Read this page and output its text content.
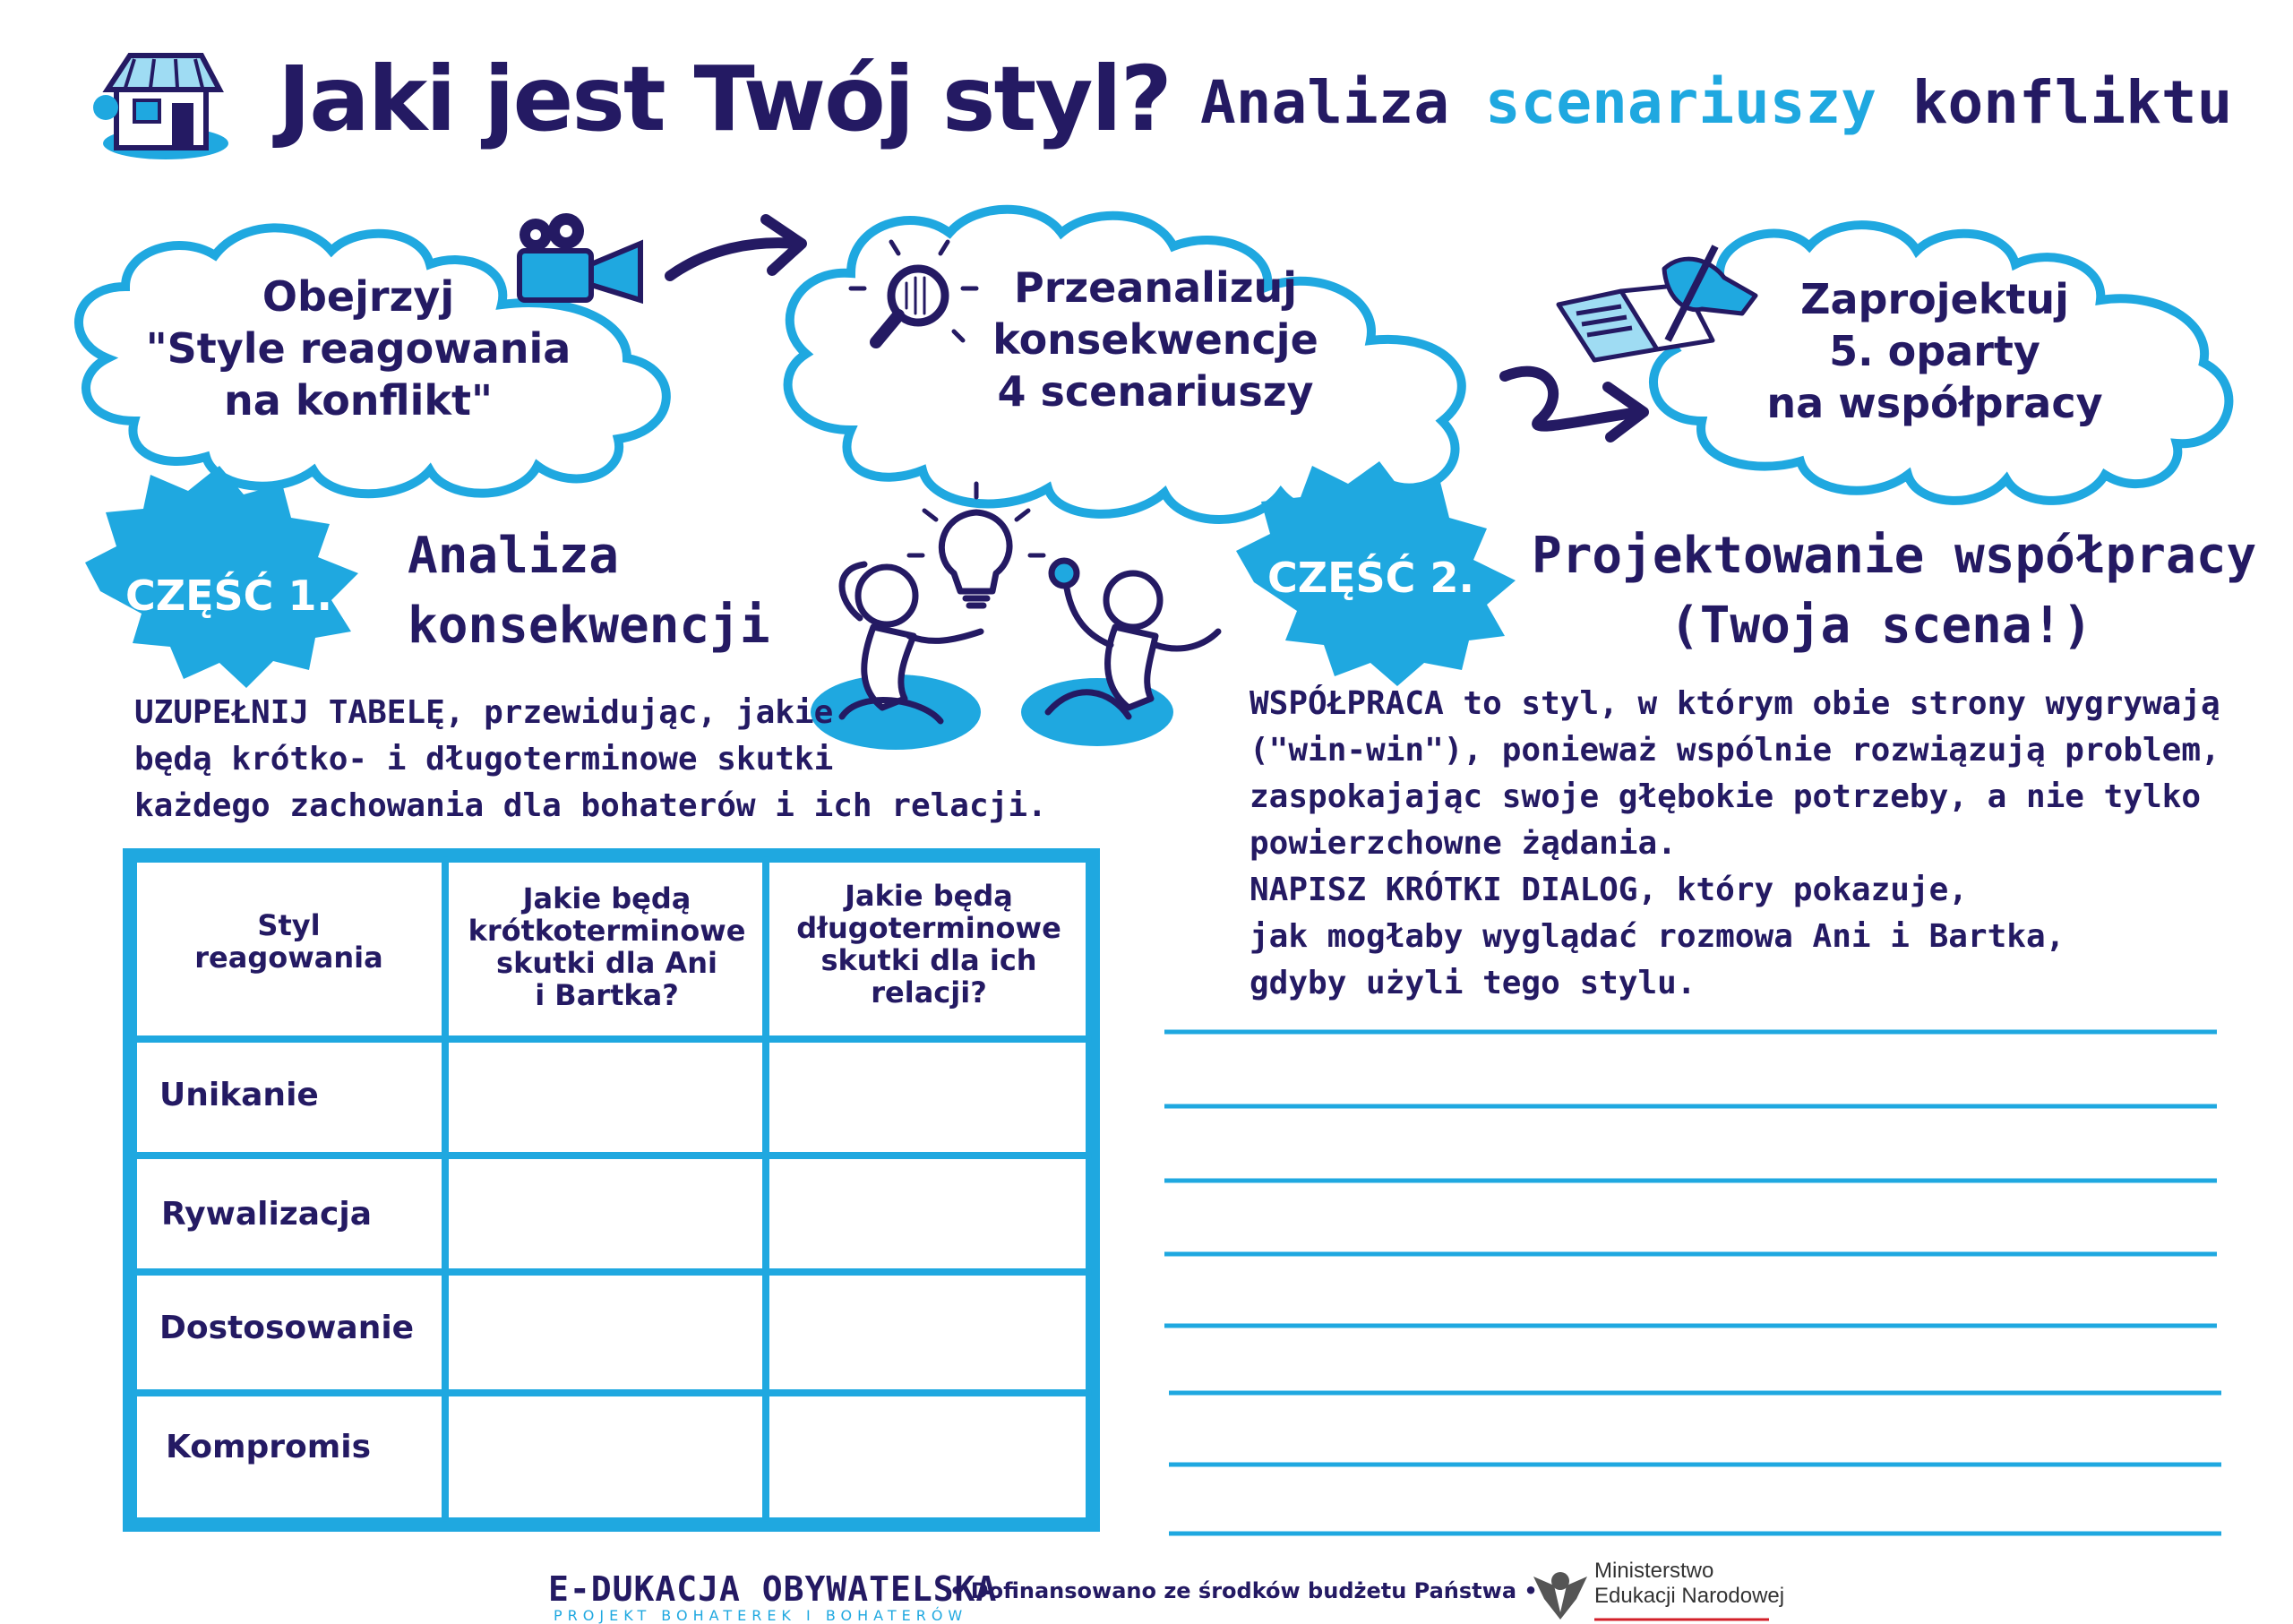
Jaki jest Twój styl? Analiza scenariuszy konfliktu
Obejrzyj
"Style reagowania
na konflikt"
Przeanalizuj
konsekwencje
4 scenariuszy
Zaprojektuj
5. oparty
na współpracy
CZĘŚĆ 1.
Analiza
konsekwencji
UZUPEŁNIJ TABELĘ, przewidując, jakie
będą krótko- i długoterminowe skutki
każdego zachowania dla bohaterów i ich relacji.
Styl
reagowania
Jakie będą
krótkoterminowe
skutki dla Ani
i Bartka?
Jakie będą
długoterminowe
skutki dla ich
relacji?
Unikanie
Rywalizacja
Dostosowanie
Kompromis
CZĘŚĆ 2. Projektowanie współpracy
(Twoja scena!)
WSPÓŁPRACA to styl, w którym obie strony wygrywają
("win-win"), ponieważ wspólnie rozwiązują problem,
zaspokajając swoje głębokie potrzeby, a nie tylko
powierzchowne żądania.
NAPISZ KRÓTKI DIALOG, który pokazuje,
jak mogłaby wyglądać rozmowa Ani i Bartka,
gdyby użyli tego stylu.
E-DUKACJA OBYWATELSKA
PROJEKT BOHATEREK I BOHATERÓW
• Dofinansowano ze środków budżetu Państwa •
Ministerstwo
Edukacji Narodowej
